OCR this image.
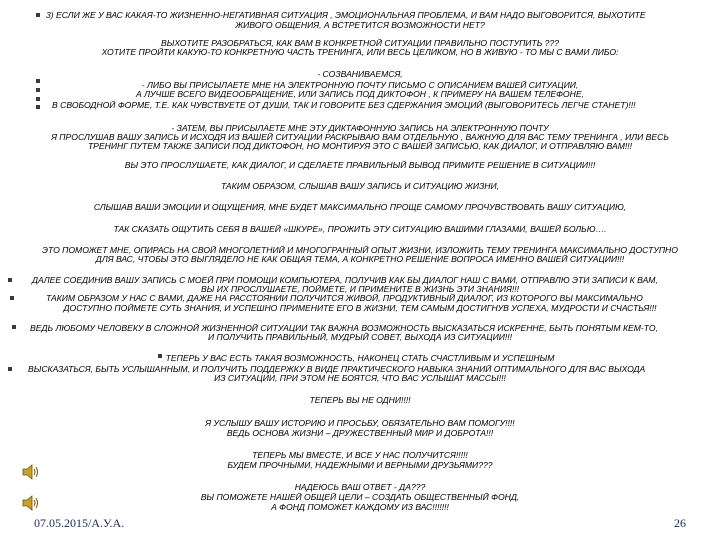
3) ЕСЛИ ЖЕ У ВАС КАКАЯ-ТО ЖИЗНЕННО-НЕГАТИВНАЯ СИТУАЦИЯ , ЭМОЦИОНАЛЬНАЯ ПРОБЛЕМА, И ВАМ НАДО ВЫГОВОРИТСЯ, ВЫХОТИТЕ

ЖИВОГО ОБЩЕНИЯ, А ВСТРЕТИТСЯ ВОЗМОЖНОСТИ НЕТ?

ВЫХОТИТЕ РАЗОБРАТЬСЯ, КАК ВАМ В КОНКРЕТНОЙ СИТУАЦИИ ПРАВИЛЬНО ПОСТУПИТЬ ???

ХОТИТЕ ПРОЙТИ КАКУЮ-ТО КОНКРЕТНУЮ ЧАСТЬ ТРЕНИНГА, ИЛИ ВЕСЬ ЦЕЛИКОМ, НО В ЖИВУЮ - ТО МЫ С ВАМИ ЛИБО:

- СОЗВАНИВАЕМСЯ,

- ЛИБО ВЫ ПРИСЫЛАЕТЕ МНЕ НА ЭЛЕКТРОННУЮ ПОЧТУ ПИСЬМО С ОПИСАНИЕМ ВАШЕЙ СИТУАЦИИ,

А ЛУЧШЕ ВСЕГО ВИДЕООБРАЩЕНИЕ, ИЛИ ЗАПИСЬ ПОД ДИКТОФОН , К ПРИМЕРУ НА ВАШЕМ ТЕЛЕФОНЕ,

В СВОБОДНОЙ ФОРМЕ, Т.Е. КАК ЧУВСТВУЕТЕ ОТ ДУШИ, ТАК И ГОВОРИТЕ БЕЗ СДЕРЖАНИЯ ЭМОЦИЙ (ВЫГОВОРИТЕСЬ ЛЕГЧЕ СТАНЕТ)!!!

- ЗАТЕМ, ВЫ ПРИСЫЛАЕТЕ МНЕ ЭТУ ДИКТАФОННУЮ ЗАПИСЬ НА ЭЛЕКТРОННУЮ ПОЧТУ

Я ПРОСЛУШАВ ВАШУ ЗАПИСЬ И ИСХОДЯ ИЗ ВАШЕЙ СИТУАЦИИ РАСКРЫВАЮ ВАМ ОТДЕЛЬНУЮ , ВАЖНУЮ ДЛЯ ВАС ТЕМУ ТРЕНИНГА , ИЛИ ВЕСЬ

ТРЕНИНГ ПУТЕМ ТАКЖЕ ЗАПИСИ ПОД ДИКТОФОН, НО МОНТИРУЯ ЭТО С ВАШЕЙ ЗАПИСЬЮ, КАК ДИАЛОГ, И ОТПРАВЛЯЮ ВАМ!!!

ВЫ ЭТО ПРОСЛУШАЕТЕ, КАК ДИАЛОГ, И СДЕЛАЕТЕ ПРАВИЛЬНЫЙ ВЫВОД ПРИМИТЕ РЕШЕНИЕ В СИТУАЦИИ!!!

ТАКИМ ОБРАЗОМ, СЛЫШАВ ВАШУ ЗАПИСЬ И СИТУАЦИЮ ЖИЗНИ,

СЛЫШАВ ВАШИ ЭМОЦИИ И ОЩУЩЕНИЯ, МНЕ БУДЕТ МАКСИМАЛЬНО ПРОЩЕ САМОМУ ПРОЧУВСТВОВАТЬ ВАШУ СИТУАЦИЮ,

ТАК СКАЗАТЬ ОЩУТИТЬ СЕБЯ В ВАШЕЙ «ШКУРЕ», ПРОЖИТЬ ЭТУ СИТУАЦИЮ ВАШИМИ ГЛАЗАМИ, ВАШЕЙ БОЛЬЮ….

ЭТО ПОМОЖЕТ МНЕ, ОПИРАСЬ НА СВОЙ МНОГОЛЕТНИЙ И МНОГОГРАННЫЙ ОПЫТ ЖИЗНИ, ИЗЛОЖИТЬ ТЕМУ ТРЕНИНГА МАКСИМАЛЬНО ДОСТУПНО

ДЛЯ ВАС, ЧТОБЫ ЭТО ВЫГЛЯДЕЛО НЕ КАК ОБЩАЯ ТЕМА, А КОНКРЕТНО РЕШЕНИЕ ВОПРОСА ИМЕННО ВАШЕЙ СИТУАЦИИ!!!

ДАЛЕЕ СОЕДИНИВ ВАШУ ЗАПИСЬ С МОЕЙ ПРИ ПОМОЩИ КОМПЬЮТЕРА, ПОЛУЧИВ КАК БЫ ДИАЛОГ НАШ С ВАМИ, ОТПРАВЛЮ ЭТИ ЗАПИСИ К ВАМ,

ВЫ ИХ ПРОСЛУШАЕТЕ, ПОЙМЕТЕ, И ПРИМЕНИТЕ В ЖИЗНЬ ЭТИ ЗНАНИЯ!!!

ТАКИМ ОБРАЗОМ У НАС С ВАМИ, ДАЖЕ НА РАССТОЯНИИ ПОЛУЧИТСЯ ЖИВОЙ, ПРОДУКТИВНЫЙ ДИАЛОГ, ИЗ КОТОРОГО ВЫ МАКСИМАЛЬНО

ДОСТУПНО ПОЙМЕТЕ СУТЬ ЗНАНИЯ, И УСПЕШНО ПРИМЕНИТЕ ЕГО В ЖИЗНИ, ТЕМ САМЫМ ДОСТИГНУВ УСПЕХА, МУДРОСТИ И СЧАСТЬЯ!!!

ВЕДЬ ЛЮБОМУ ЧЕЛОВЕКУ В СЛОЖНОЙ ЖИЗНЕННОЙ СИТУАЦИИ ТАК ВАЖНА ВОЗМОЖНОСТЬ ВЫСКАЗАТЬСЯ ИСКРЕННЕ, БЫТЬ ПОНЯТЫМ КЕМ-ТО,

И ПОЛУЧИТЬ ПРАВИЛЬНЫЙ, МУДРЫЙ СОВЕТ, ВЫХОДА ИЗ СИТУАЦИИ!!!

ТЕПЕРЬ У ВАС ЕСТЬ ТАКАЯ ВОЗМОЖНОСТЬ, НАКОНЕЦ СТАТЬ СЧАСТЛИВЫМ И УСПЕШНЫМ

ВЫСКАЗАТЬСЯ, БЫТЬ УСЛЫШАННЫМ, И ПОЛУЧИТЬ ПОДДЕРЖКУ В ВИДЕ ПРАКТИЧЕСКОГО НАВЫКА ЗНАНИЙ ОПТИМАЛЬНОГО ДЛЯ ВАС ВЫХОДА

ИЗ СИТУАЦИИ, ПРИ ЭТОМ НЕ БОЯТСЯ, ЧТО ВАС УСЛЫШАТ МАССЫ!!!

ТЕПЕРЬ ВЫ НЕ ОДНИ!!!!

Я УСЛЫШУ ВАШУ ИСТОРИЮ И ПРОСЬБУ, ОБЯЗАТЕЛЬНО ВАМ ПОМОГУ!!!!

ВЕДЬ ОСНОВА ЖИЗНИ – ДРУЖЕСТВЕННЫЙ МИР И ДОБРОТА!!!

ТЕПЕРЬ МЫ ВМЕСТЕ, И ВСЕ У НАС ПОЛУЧИТСЯ!!!!!

БУДЕМ ПРОЧНЫМИ, НАДЕЖНЫМИ И ВЕРНЫМИ ДРУЗЬЯМИ???

НАДЕЮСЬ ВАШ ОТВЕТ - ДА???

ВЫ ПОМОЖЕТЕ НАШЕЙ ОБЩЕЙ ЦЕЛИ – СОЗДАТЬ ОБЩЕСТВЕННЫЙ ФОНД,

А ФОНД ПОМОЖЕТ КАЖДОМУ ИЗ ВАС!!!!!!!

07.05.2015/А.У.А.	26
